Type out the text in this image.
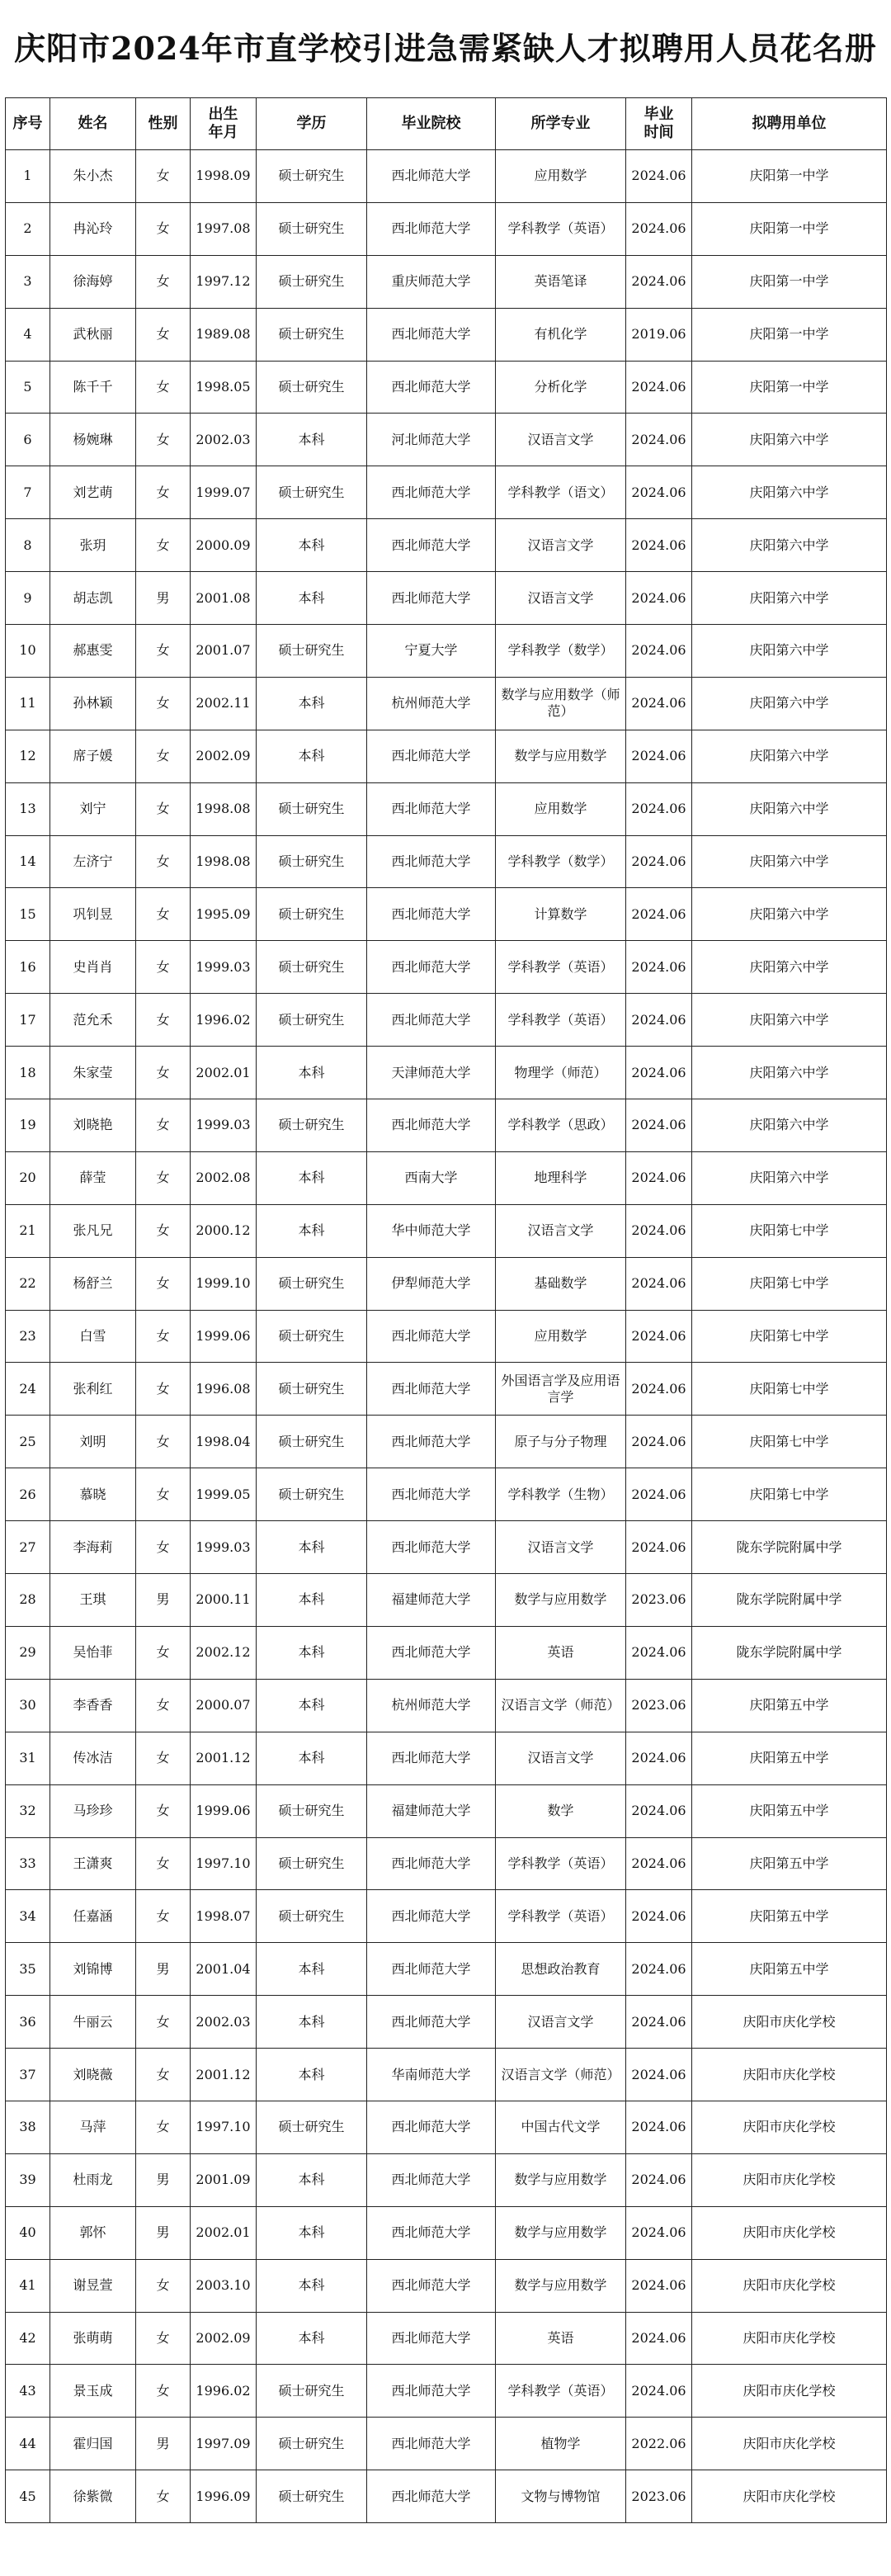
庆阳市2024年市直学校引进急需紧缺人才拟聘用人员花名册
序号	姓名	性别	出生年月	学历	毕业院校	所学专业	毕业时间	拟聘用单位
1	朱小杰	女	1998.09	硕士研究生	西北师范大学	应用数学	2024.06	庆阳第一中学
2	冉沁玲	女	1997.08	硕士研究生	西北师范大学	学科教学（英语）	2024.06	庆阳第一中学
3	徐海婷	女	1997.12	硕士研究生	重庆师范大学	英语笔译	2024.06	庆阳第一中学
4	武秋丽	女	1989.08	硕士研究生	西北师范大学	有机化学	2019.06	庆阳第一中学
5	陈千千	女	1998.05	硕士研究生	西北师范大学	分析化学	2024.06	庆阳第一中学
6	杨婉琳	女	2002.03	本科	河北师范大学	汉语言文学	2024.06	庆阳第六中学
7	刘艺萌	女	1999.07	硕士研究生	西北师范大学	学科教学（语文）	2024.06	庆阳第六中学
8	张玥	女	2000.09	本科	西北师范大学	汉语言文学	2024.06	庆阳第六中学
9	胡志凯	男	2001.08	本科	西北师范大学	汉语言文学	2024.06	庆阳第六中学
10	郝惠雯	女	2001.07	硕士研究生	宁夏大学	学科教学（数学）	2024.06	庆阳第六中学
11	孙林颖	女	2002.11	本科	杭州师范大学	数学与应用数学（师范）	2024.06	庆阳第六中学
12	席子媛	女	2002.09	本科	西北师范大学	数学与应用数学	2024.06	庆阳第六中学
13	刘宁	女	1998.08	硕士研究生	西北师范大学	应用数学	2024.06	庆阳第六中学
14	左济宁	女	1998.08	硕士研究生	西北师范大学	学科教学（数学）	2024.06	庆阳第六中学
15	巩钊昱	女	1995.09	硕士研究生	西北师范大学	计算数学	2024.06	庆阳第六中学
16	史肖肖	女	1999.03	硕士研究生	西北师范大学	学科教学（英语）	2024.06	庆阳第六中学
17	范允禾	女	1996.02	硕士研究生	西北师范大学	学科教学（英语）	2024.06	庆阳第六中学
18	朱家莹	女	2002.01	本科	天津师范大学	物理学（师范）	2024.06	庆阳第六中学
19	刘晓艳	女	1999.03	硕士研究生	西北师范大学	学科教学（思政）	2024.06	庆阳第六中学
20	薛莹	女	2002.08	本科	西南大学	地理科学	2024.06	庆阳第六中学
21	张凡兄	女	2000.12	本科	华中师范大学	汉语言文学	2024.06	庆阳第七中学
22	杨舒兰	女	1999.10	硕士研究生	伊犁师范大学	基础数学	2024.06	庆阳第七中学
23	白雪	女	1999.06	硕士研究生	西北师范大学	应用数学	2024.06	庆阳第七中学
24	张利红	女	1996.08	硕士研究生	西北师范大学	外国语言学及应用语言学	2024.06	庆阳第七中学
25	刘明	女	1998.04	硕士研究生	西北师范大学	原子与分子物理	2024.06	庆阳第七中学
26	慕晓	女	1999.05	硕士研究生	西北师范大学	学科教学（生物）	2024.06	庆阳第七中学
27	李海莉	女	1999.03	本科	西北师范大学	汉语言文学	2024.06	陇东学院附属中学
28	王琪	男	2000.11	本科	福建师范大学	数学与应用数学	2023.06	陇东学院附属中学
29	吴怡菲	女	2002.12	本科	西北师范大学	英语	2024.06	陇东学院附属中学
30	李香香	女	2000.07	本科	杭州师范大学	汉语言文学（师范）	2023.06	庆阳第五中学
31	传冰洁	女	2001.12	本科	西北师范大学	汉语言文学	2024.06	庆阳第五中学
32	马珍珍	女	1999.06	硕士研究生	福建师范大学	数学	2024.06	庆阳第五中学
33	王潇爽	女	1997.10	硕士研究生	西北师范大学	学科教学（英语）	2024.06	庆阳第五中学
34	任嘉涵	女	1998.07	硕士研究生	西北师范大学	学科教学（英语）	2024.06	庆阳第五中学
35	刘锦博	男	2001.04	本科	西北师范大学	思想政治教育	2024.06	庆阳第五中学
36	牛丽云	女	2002.03	本科	西北师范大学	汉语言文学	2024.06	庆阳市庆化学校
37	刘晓薇	女	2001.12	本科	华南师范大学	汉语言文学（师范）	2024.06	庆阳市庆化学校
38	马萍	女	1997.10	硕士研究生	西北师范大学	中国古代文学	2024.06	庆阳市庆化学校
39	杜雨龙	男	2001.09	本科	西北师范大学	数学与应用数学	2024.06	庆阳市庆化学校
40	郭怀	男	2002.01	本科	西北师范大学	数学与应用数学	2024.06	庆阳市庆化学校
41	谢昱萱	女	2003.10	本科	西北师范大学	数学与应用数学	2024.06	庆阳市庆化学校
42	张萌萌	女	2002.09	本科	西北师范大学	英语	2024.06	庆阳市庆化学校
43	景玉成	女	1996.02	硕士研究生	西北师范大学	学科教学（英语）	2024.06	庆阳市庆化学校
44	霍归国	男	1997.09	硕士研究生	西北师范大学	植物学	2022.06	庆阳市庆化学校
45	徐紫微	女	1996.09	硕士研究生	西北师范大学	文物与博物馆	2023.06	庆阳市庆化学校
